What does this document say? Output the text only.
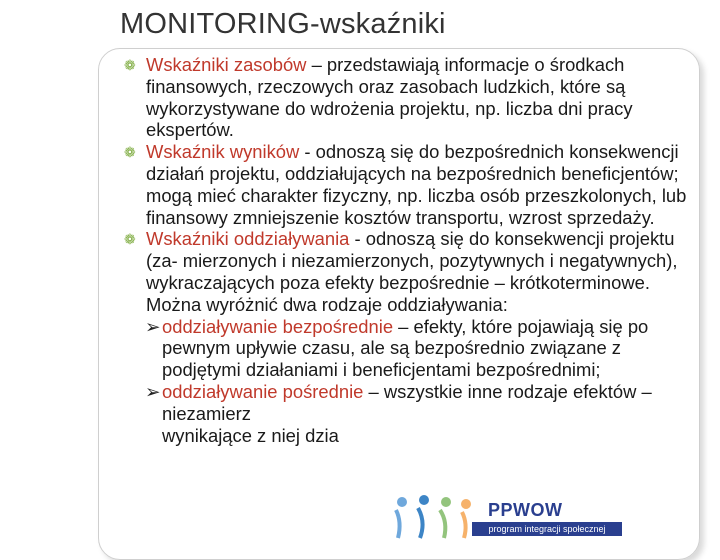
MONITORING-wskaźniki

❁ Wskaźniki zasobów – przedstawiają informacje o środkach finansowych, rzeczowych oraz zasobach ludzkich, które są wykorzystywane do wdrożenia projektu, np. liczba dni pracy ekspertów.

❁ Wskaźnik wyników - odnoszą się do bezpośrednich konsekwencji działań projektu, oddziałujących na bezpośrednich beneficjentów; mogą mieć charakter fizyczny, np. liczba osób przeszkolonych, lub finansowy zmniejszenie kosztów transportu, wzrost sprzedaży.

❁ Wskaźniki oddziaływania - odnoszą się do konsekwencji projektu (za- mierzonych i niezamierzonych, pozytywnych i negatywnych), wykraczających poza efekty bezpośrednie – krótkoterminowe. Można wyróżnić dwa rodzaje oddziaływania:

➢ oddziaływanie bezpośrednie – efekty, które pojawiają się po pewnym upływie czasu, ale są bezpośrednio związane z podjętymi działaniami i beneficjentami bezpośrednimi;

➢ oddziaływanie pośrednie – wszystkie inne rodzaje efektów – niezamierz
wynikające z niej dzia

PPWOW
program integracji społecznej
